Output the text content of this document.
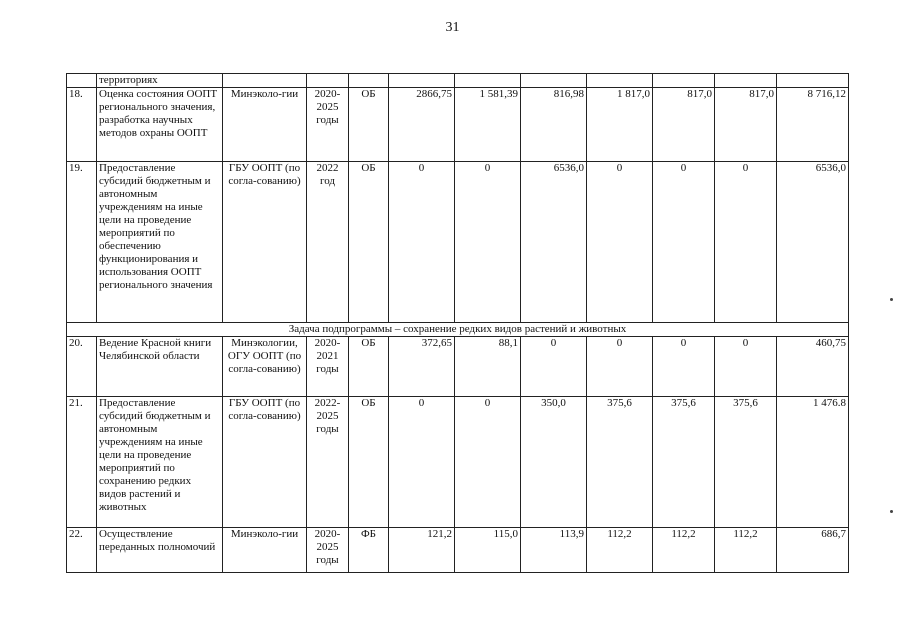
31
	территориях										
18.	Оценка состояния ООПТ регионального значения, разработка научных методов охраны ООПТ	Минэколо-гии	2020-2025 годы	ОБ	2866,75	1 581,39	816,98	1 817,0	817,0	817,0	8 716,12
19.	Предоставление субсидий бюджетным и автономным учреждениям на иные цели на проведение мероприятий по обеспечению функционирования и использования ООПТ регионального значения	ГБУ ООПТ (по согла-сованию)	2022 год	ОБ	0	0	6536,0	0	0	0	6536,0
Задача подпрограммы – сохранение редких видов растений и животных											
20.	Ведение Красной книги Челябинской области	Минэкологии, ОГУ ООПТ (по согла-сованию)	2020-2021 годы	ОБ	372,65	88,1	0	0	0	0	460,75
21.	Предоставление субсидий бюджетным и автономным учреждениям на иные цели на проведение мероприятий по сохранению редких видов растений и животных	ГБУ ООПТ (по согла-сованию)	2022-2025 годы	ОБ	0	0	350,0	375,6	375,6	375,6	1 476.8
22.	Осуществление переданных полномочий	Минэколо-гии	2020-2025 годы	ФБ	121,2	115,0	113,9	112,2	112,2	112,2	686,7
